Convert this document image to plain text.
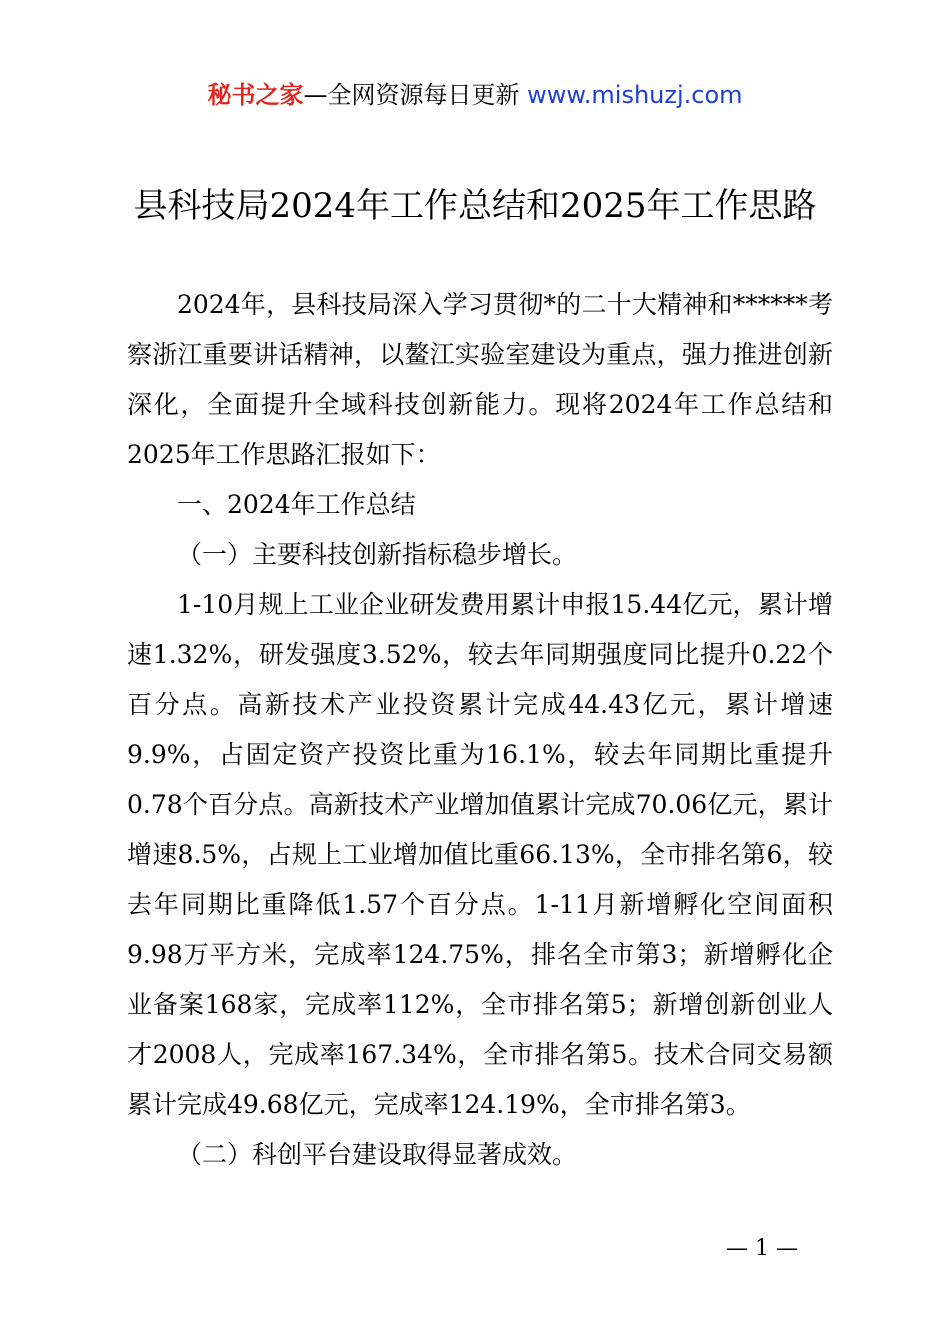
秘书之家—全网资源每日更新 www.mishuzj.com
县科技局2024年工作总结和2025年工作思路

2024年，县科技局深入学习贯彻*的二十大精神和******考察浙江重要讲话精神，以鳌江实验室建设为重点，强力推进创新深化，全面提升全域科技创新能力。现将2024年工作总结和2025年工作思路汇报如下：

一、2024年工作总结

（一）主要科技创新指标稳步增长。

1-10月规上工业企业研发费用累计申报15.44亿元，累计增速1.32%，研发强度3.52%，较去年同期强度同比提升0.22个百分点。高新技术产业投资累计完成44.43亿元，累计增速9.9%，占固定资产投资比重为16.1%，较去年同期比重提升0.78个百分点。高新技术产业增加值累计完成70.06亿元，累计增速8.5%，占规上工业增加值比重66.13%，全市排名第6，较去年同期比重降低1.57个百分点。1-11月新增孵化空间面积9.98万平方米，完成率124.75%，排名全市第3；新增孵化企业备案168家，完成率112%，全市排名第5；新增创新创业人才2008人，完成率167.34%，全市排名第5。技术合同交易额累计完成49.68亿元，完成率124.19%，全市排名第3。

（二）科创平台建设取得显著成效。

— 1 —
